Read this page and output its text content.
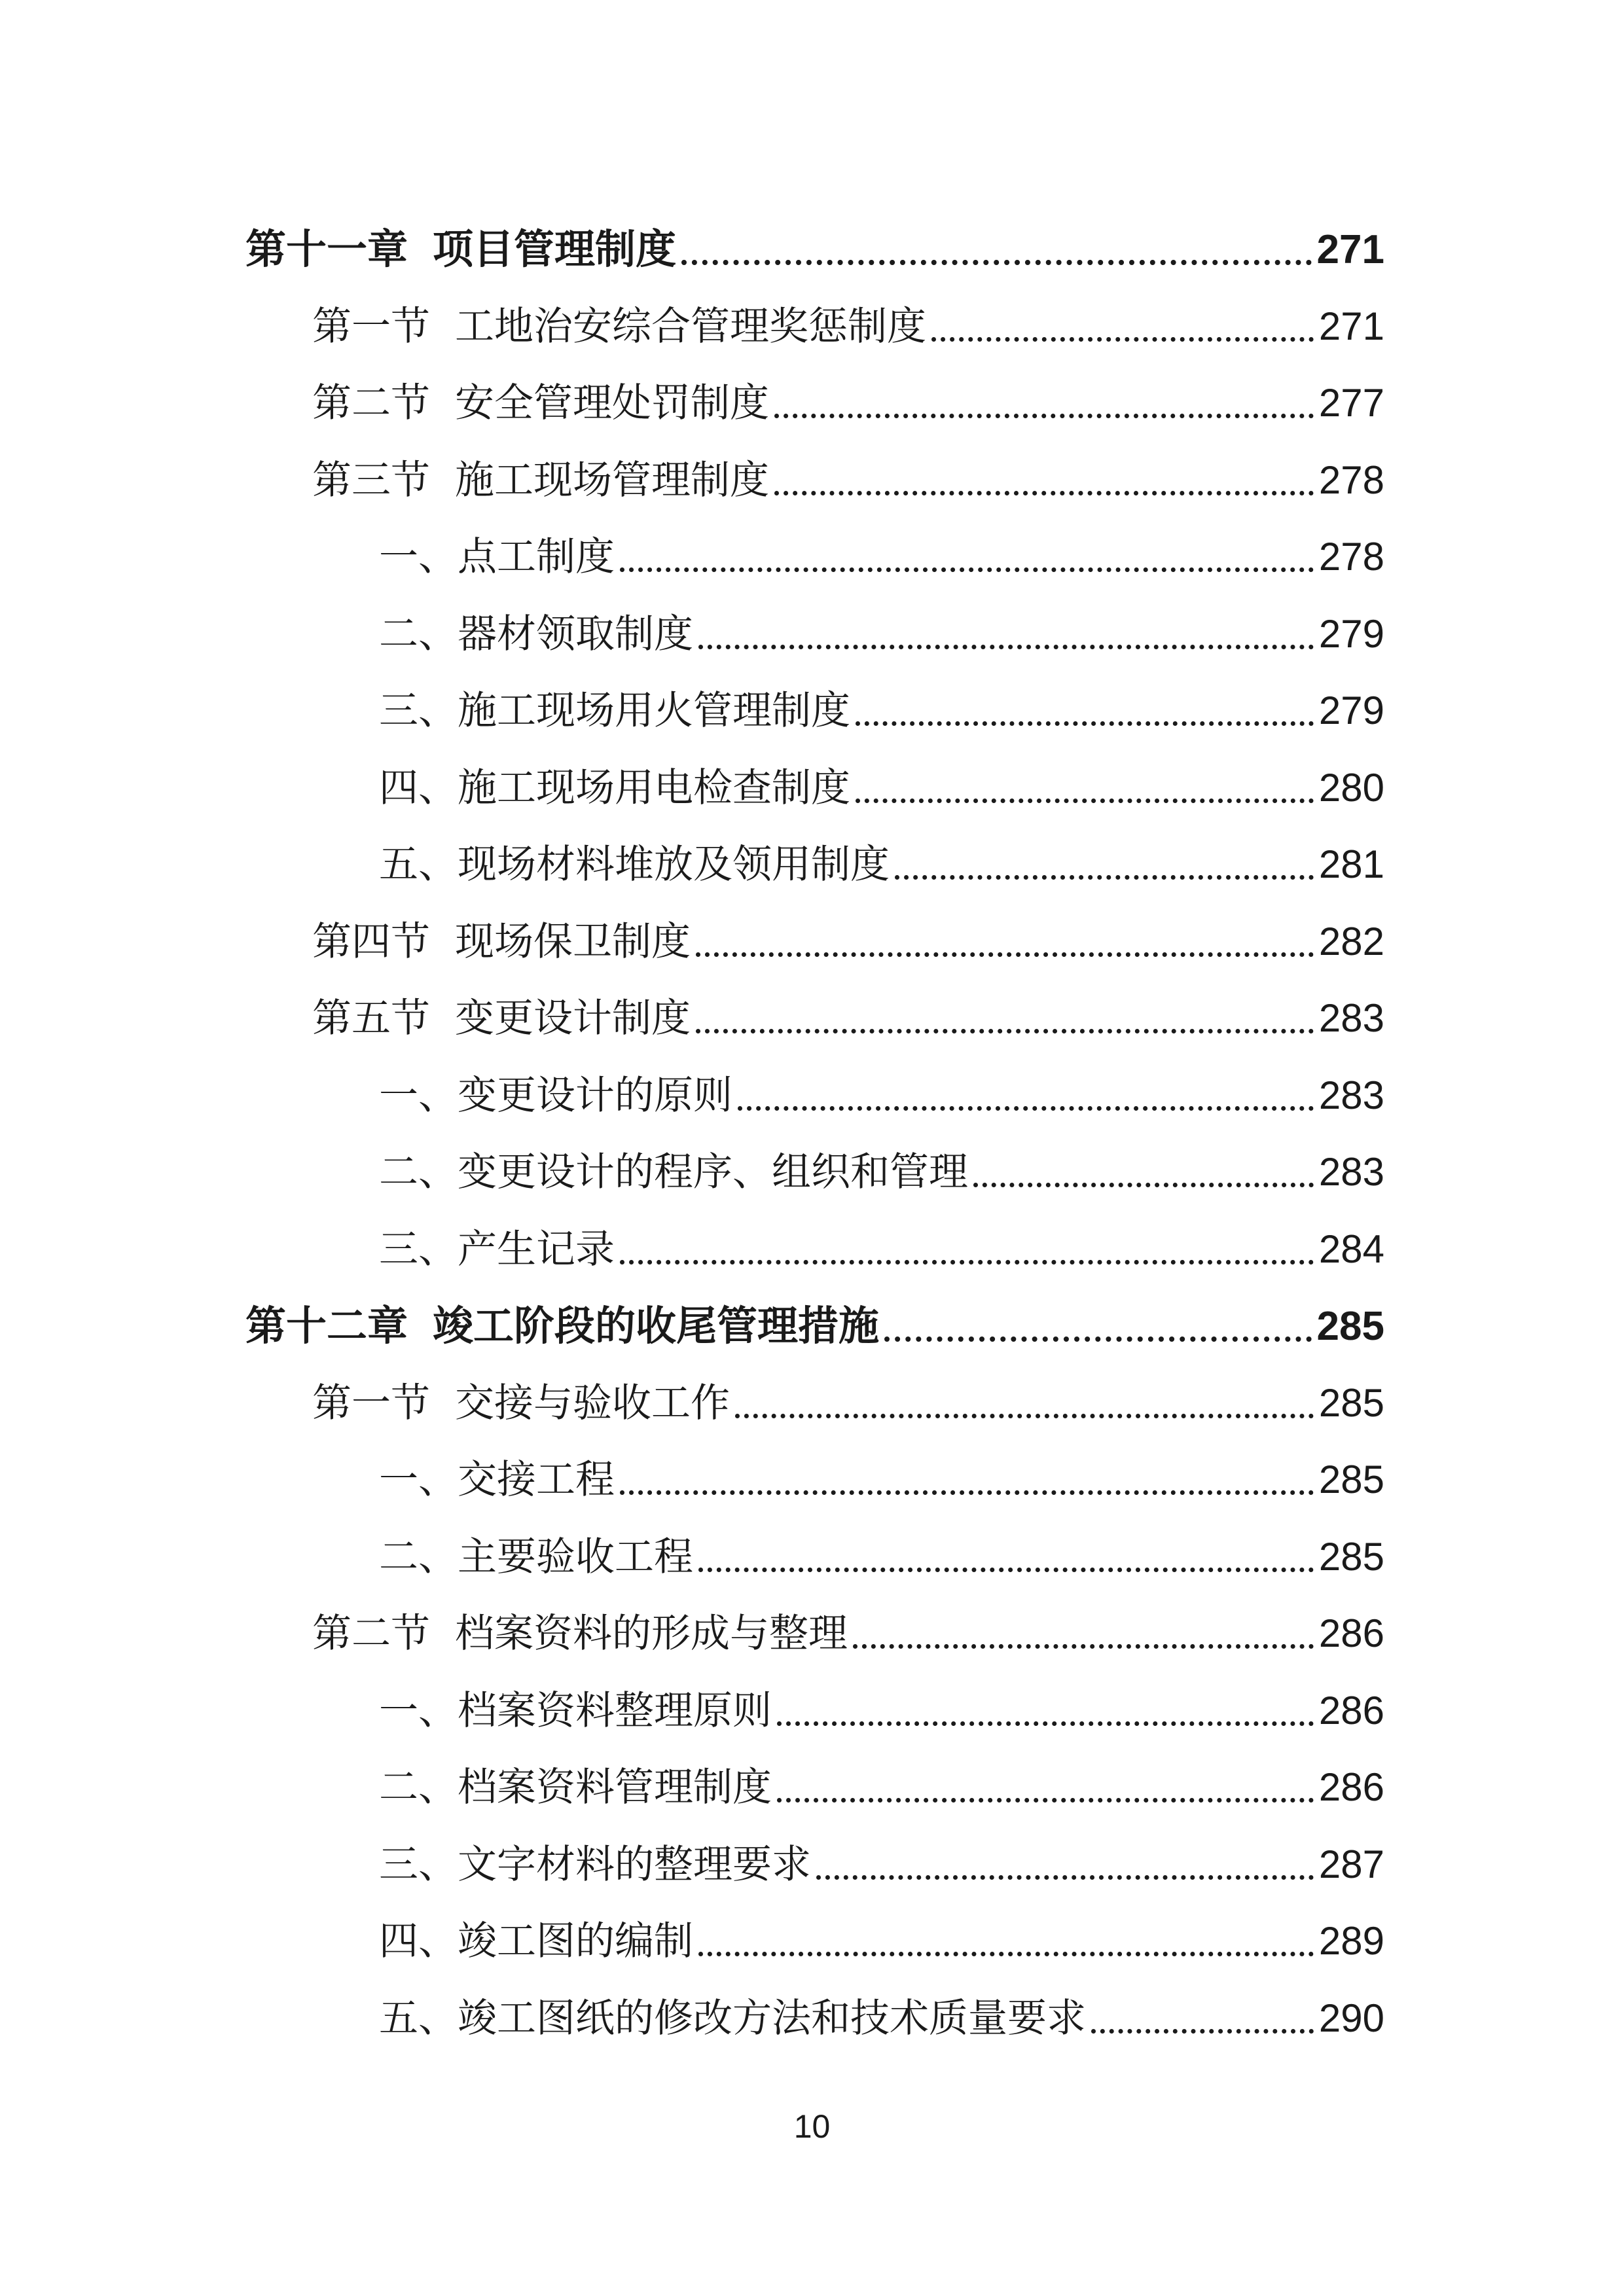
第十一章 项目管理制度	271
第一节 工地治安综合管理奖惩制度	271
第二节 安全管理处罚制度	277
第三节 施工现场管理制度	278
一、点工制度	278
二、器材领取制度	279
三、施工现场用火管理制度	279
四、施工现场用电检查制度	280
五、现场材料堆放及领用制度	281
第四节 现场保卫制度	282
第五节 变更设计制度	283
一、变更设计的原则	283
二、变更设计的程序、组织和管理	283
三、产生记录	284
第十二章 竣工阶段的收尾管理措施	285
第一节 交接与验收工作	285
一、交接工程	285
二、主要验收工程	285
第二节 档案资料的形成与整理	286
一、档案资料整理原则	286
二、档案资料管理制度	286
三、文字材料的整理要求	287
四、竣工图的编制	289
五、竣工图纸的修改方法和技术质量要求	290
10
